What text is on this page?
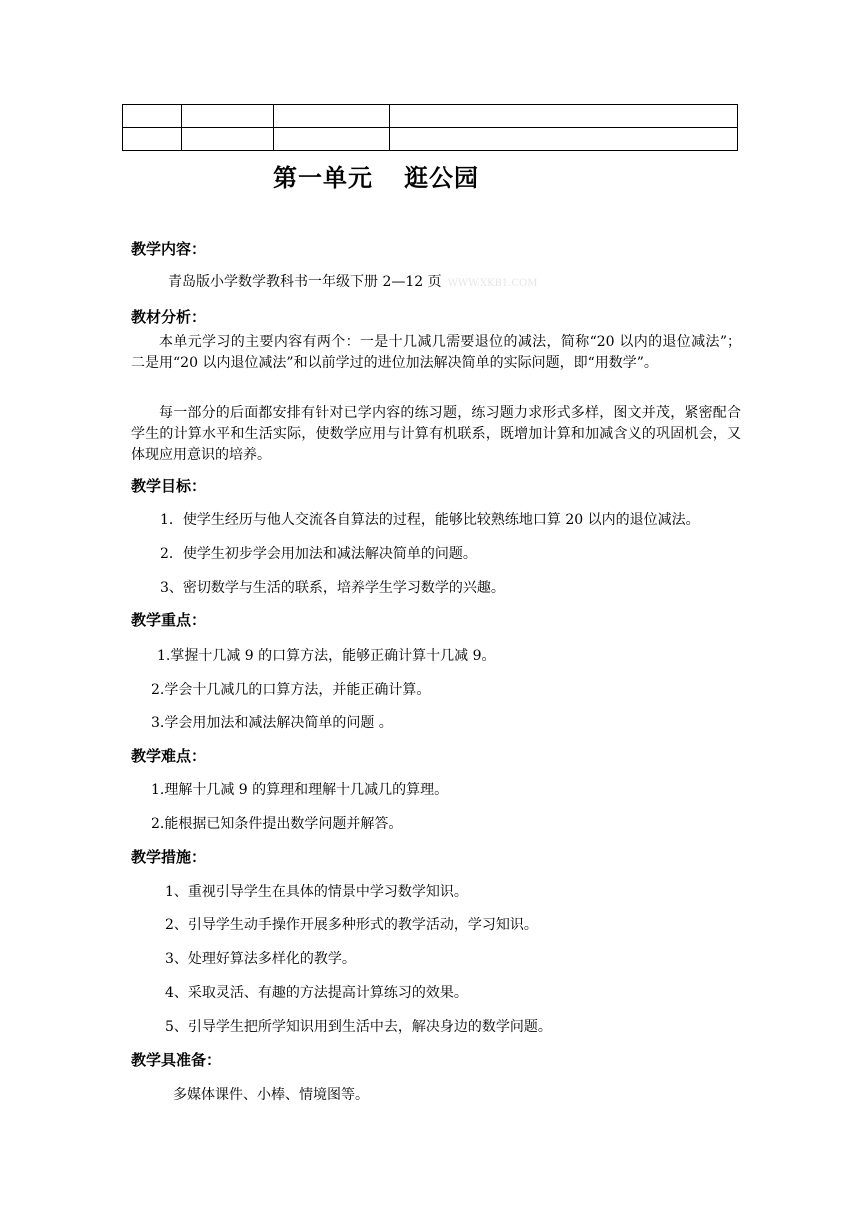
第一单元 逛公园
教学内容：
青岛版小学数学教科书一年级下册 2—12 页 WWW.XKB1.COM
教材分析：
本单元学习的主要内容有两个：一是十几减几需要退位的减法，简称“20 以内的退位减法”；二是用“20 以内退位减法”和以前学过的进位加法解决简单的实际问题，即“用数学”。
每一部分的后面都安排有针对已学内容的练习题，练习题力求形式多样，图文并茂，紧密配合学生的计算水平和生活实际，使数学应用与计算有机联系，既增加计算和加减含义的巩固机会，又体现应用意识的培养。
教学目标：
1．使学生经历与他人交流各自算法的过程，能够比较熟练地口算 20 以内的退位减法。
2．使学生初步学会用加法和减法解决简单的问题。
3、密切数学与生活的联系，培养学生学习数学的兴趣。
教学重点：
1.掌握十几减 9 的口算方法，能够正确计算十几减 9。
2.学会十几减几的口算方法，并能正确计算。
3.学会用加法和减法解决简单的问题 。
教学难点：
1.理解十几减 9 的算理和理解十几减几的算理。
2.能根据已知条件提出数学问题并解答。
教学措施：
1、重视引导学生在具体的情景中学习数学知识。
2、引导学生动手操作开展多种形式的教学活动，学习知识。
3、处理好算法多样化的教学。
4、采取灵活、有趣的方法提高计算练习的效果。
5、引导学生把所学知识用到生活中去，解决身边的数学问题。
教学具准备：
多媒体课件、小棒、情境图等。
